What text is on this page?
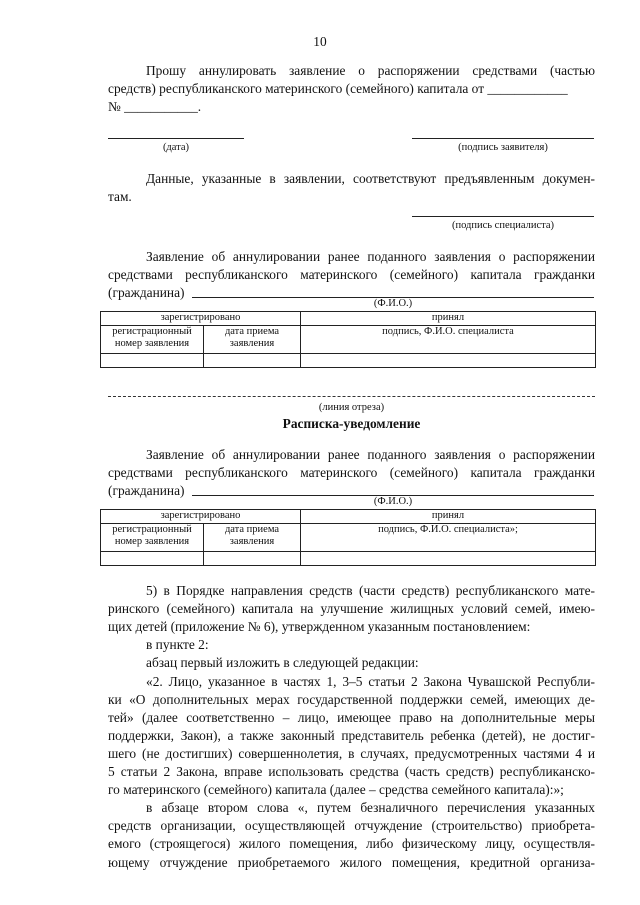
10
Прошу аннулировать заявление о распоряжении средствами (частью
средств) республиканского материнского (семейного) капитала от ____________
№ ___________.
(дата)	(подпись заявителя)
Данные, указанные в заявлении, соответствуют предъявленным докумен-
там.
(подпись специалиста)
Заявление об аннулировании ранее поданного заявления о распоряжении
средствами республиканского материнского (семейного) капитала гражданки
(гражданина)
(Ф.И.О.)
зарегистрировано		принял
регистрационный номер заявления	дата приема заявления	подпись, Ф.И.О. специалиста

(линия отреза)
Расписка-уведомление
Заявление об аннулировании ранее поданного заявления о распоряжении
средствами республиканского материнского (семейного) капитала гражданки
(гражданина)
(Ф.И.О.)
зарегистрировано		принял
регистрационный номер заявления	дата приема заявления	подпись, Ф.И.О. специалиста»;

5) в Порядке направления средств (части средств) республиканского мате-
ринского (семейного) капитала на улучшение жилищных условий семей, имею-
щих детей (приложение № 6), утвержденном указанным постановлением:
в пункте 2:
абзац первый изложить в следующей редакции:
«2. Лицо, указанное в частях 1, 3–5 статьи 2 Закона Чувашской Республи-
ки «О дополнительных мерах государственной поддержки семей, имеющих де-
тей» (далее соответственно – лицо, имеющее право на дополнительные меры
поддержки, Закон), а также законный представитель ребенка (детей), не достиг-
шего (не достигших) совершеннолетия, в случаях, предусмотренных частями 4 и
5 статьи 2 Закона, вправе использовать средства (часть средств) республиканско-
го материнского (семейного) капитала (далее – средства семейного капитала):»;
в абзаце втором слова «, путем безналичного перечисления указанных
средств организации, осуществляющей отчуждение (строительство) приобрета-
емого (строящегося) жилого помещения, либо физическому лицу, осуществля-
ющему отчуждение приобретаемого жилого помещения, кредитной организа-
